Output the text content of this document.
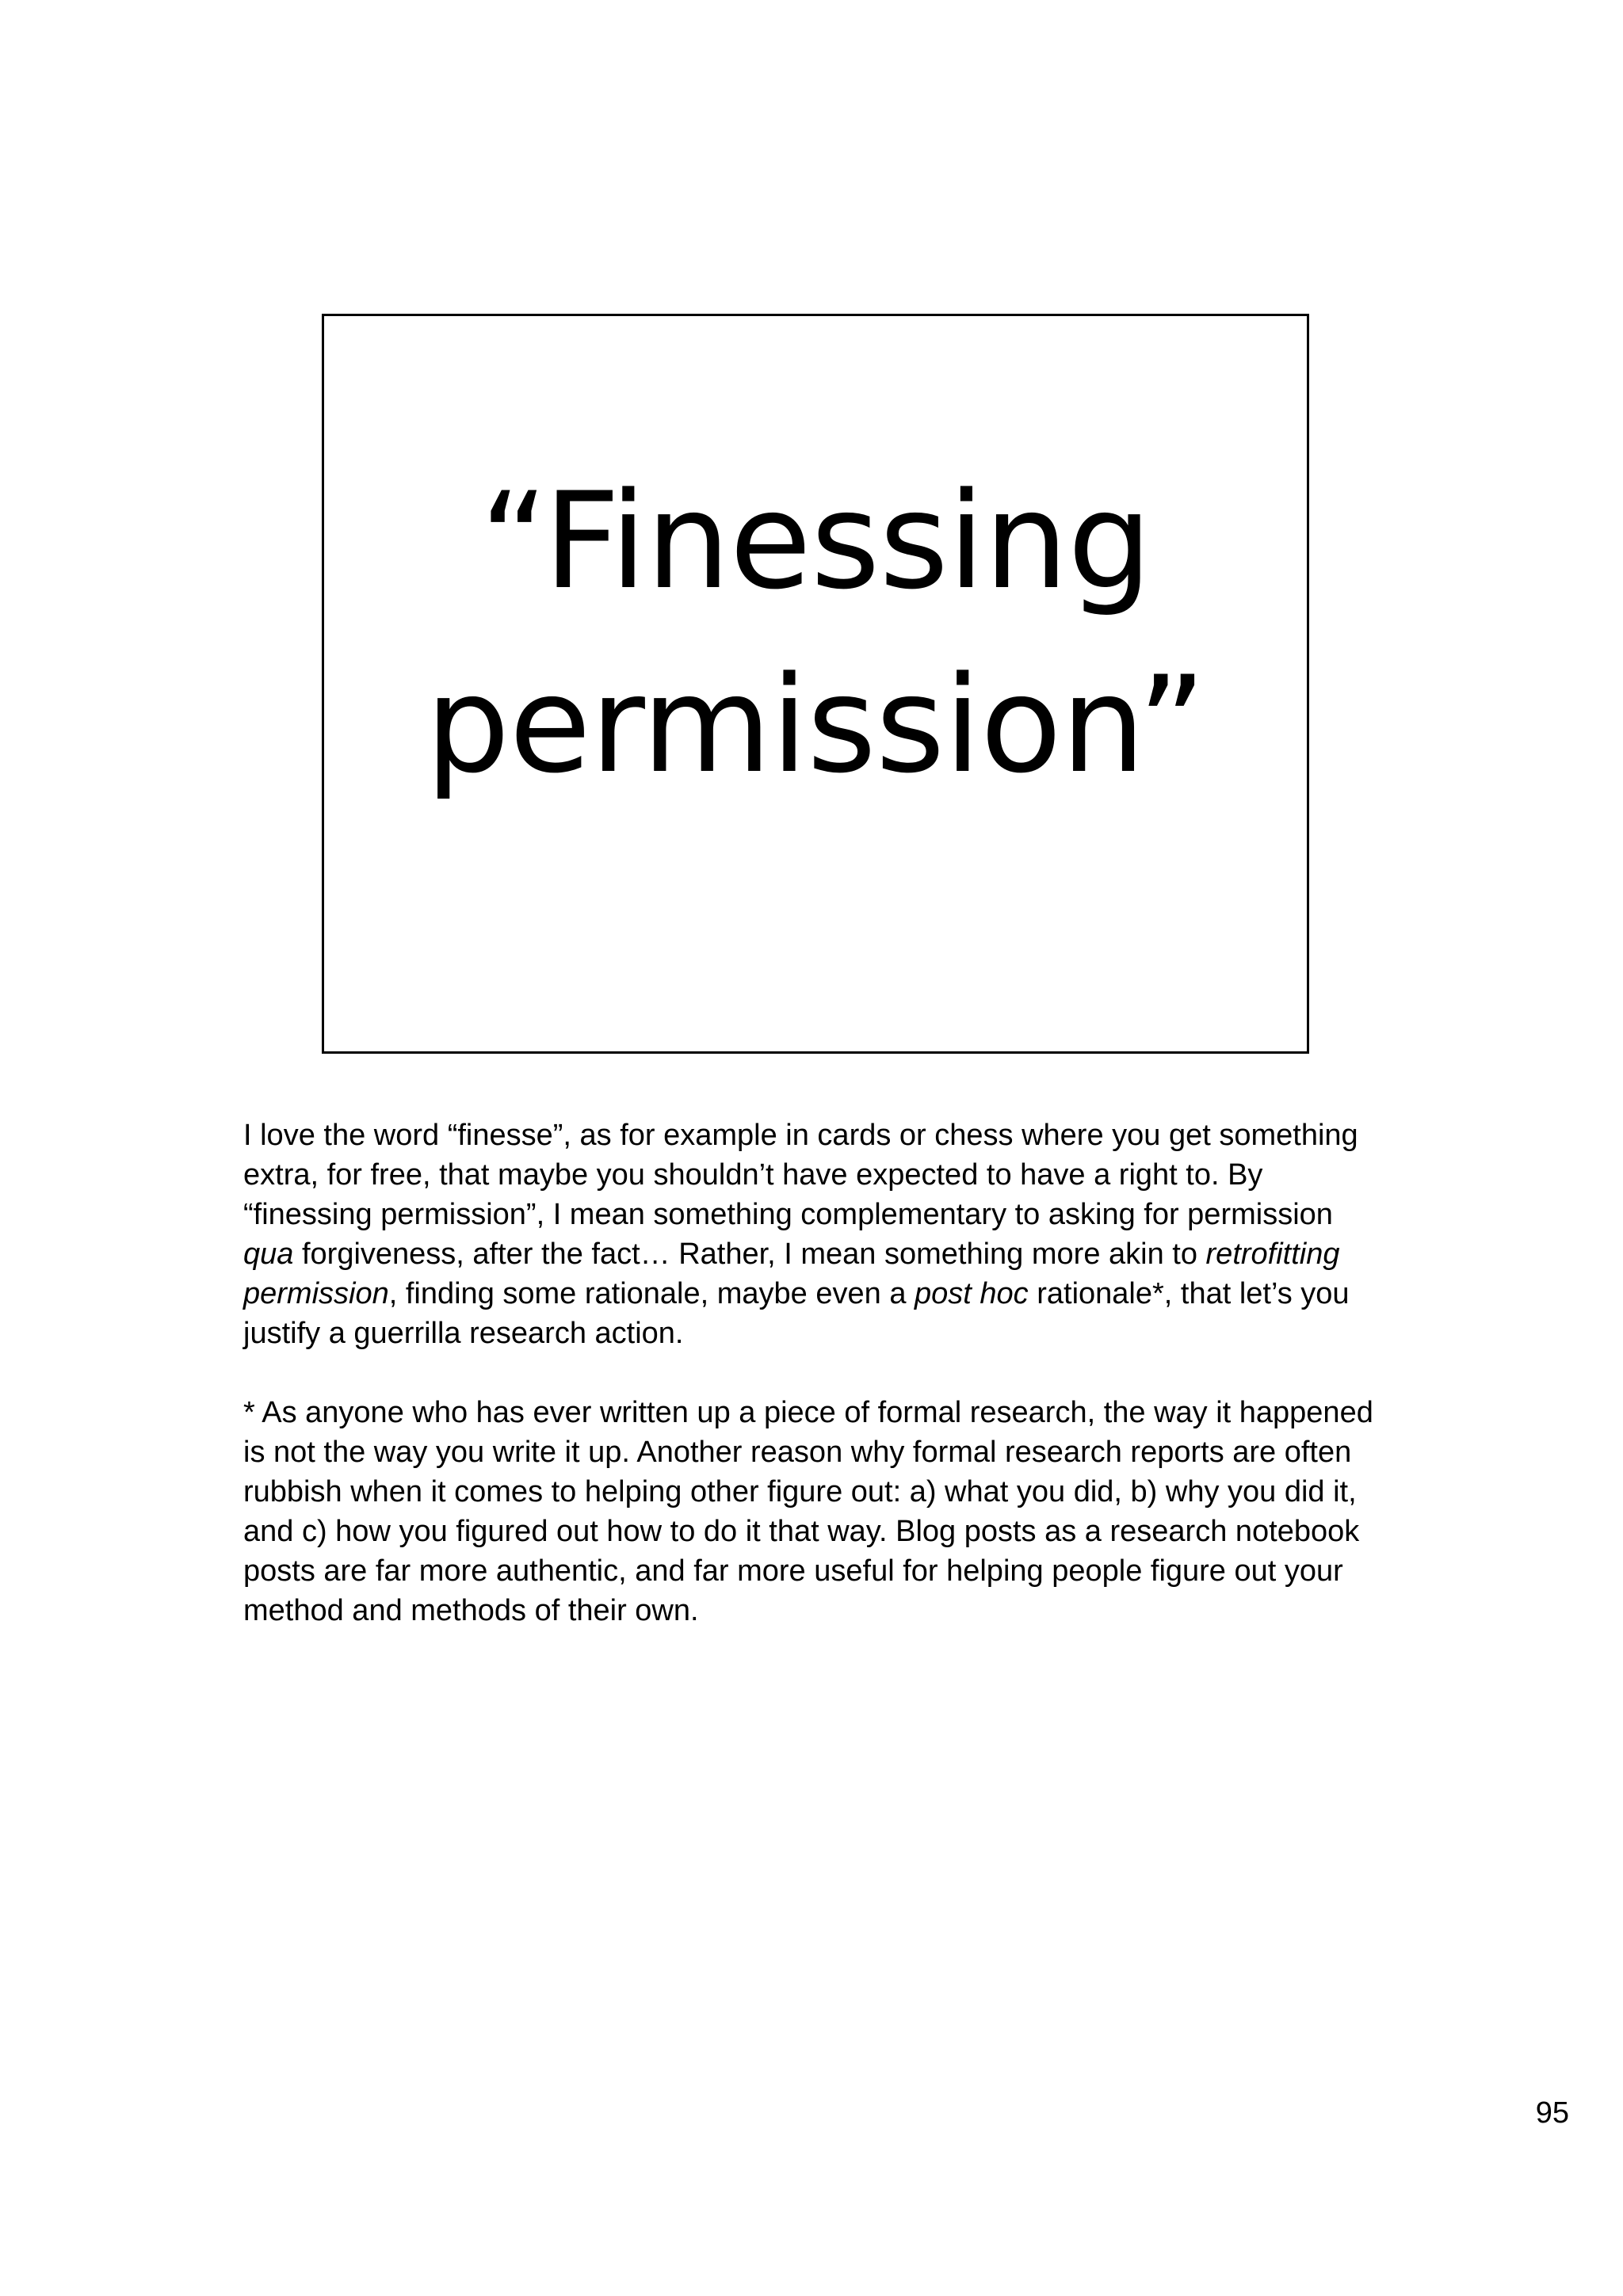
“Finessing
permission”

I love the word “finesse”, as for example in cards or chess where you get something

extra, for free, that maybe you shouldn’t have expected to have a right to. By

“finessing permission”, I mean something complementary to asking for permission

qua forgiveness, after the fact… Rather, I mean something more akin to retrofitting

permission, finding some rationale, maybe even a post hoc rationale*, that let’s you

justify a guerrilla research action.

* As anyone who has ever written up a piece of formal research, the way it happened

is not the way you write it up. Another reason why formal research reports are often

rubbish when it comes to helping other figure out: a) what you did, b) why you did it,

and c) how you figured out how to do it that way. Blog posts as a research notebook

posts are far more authentic, and far more useful for helping people figure out your

method and methods of their own.

95
